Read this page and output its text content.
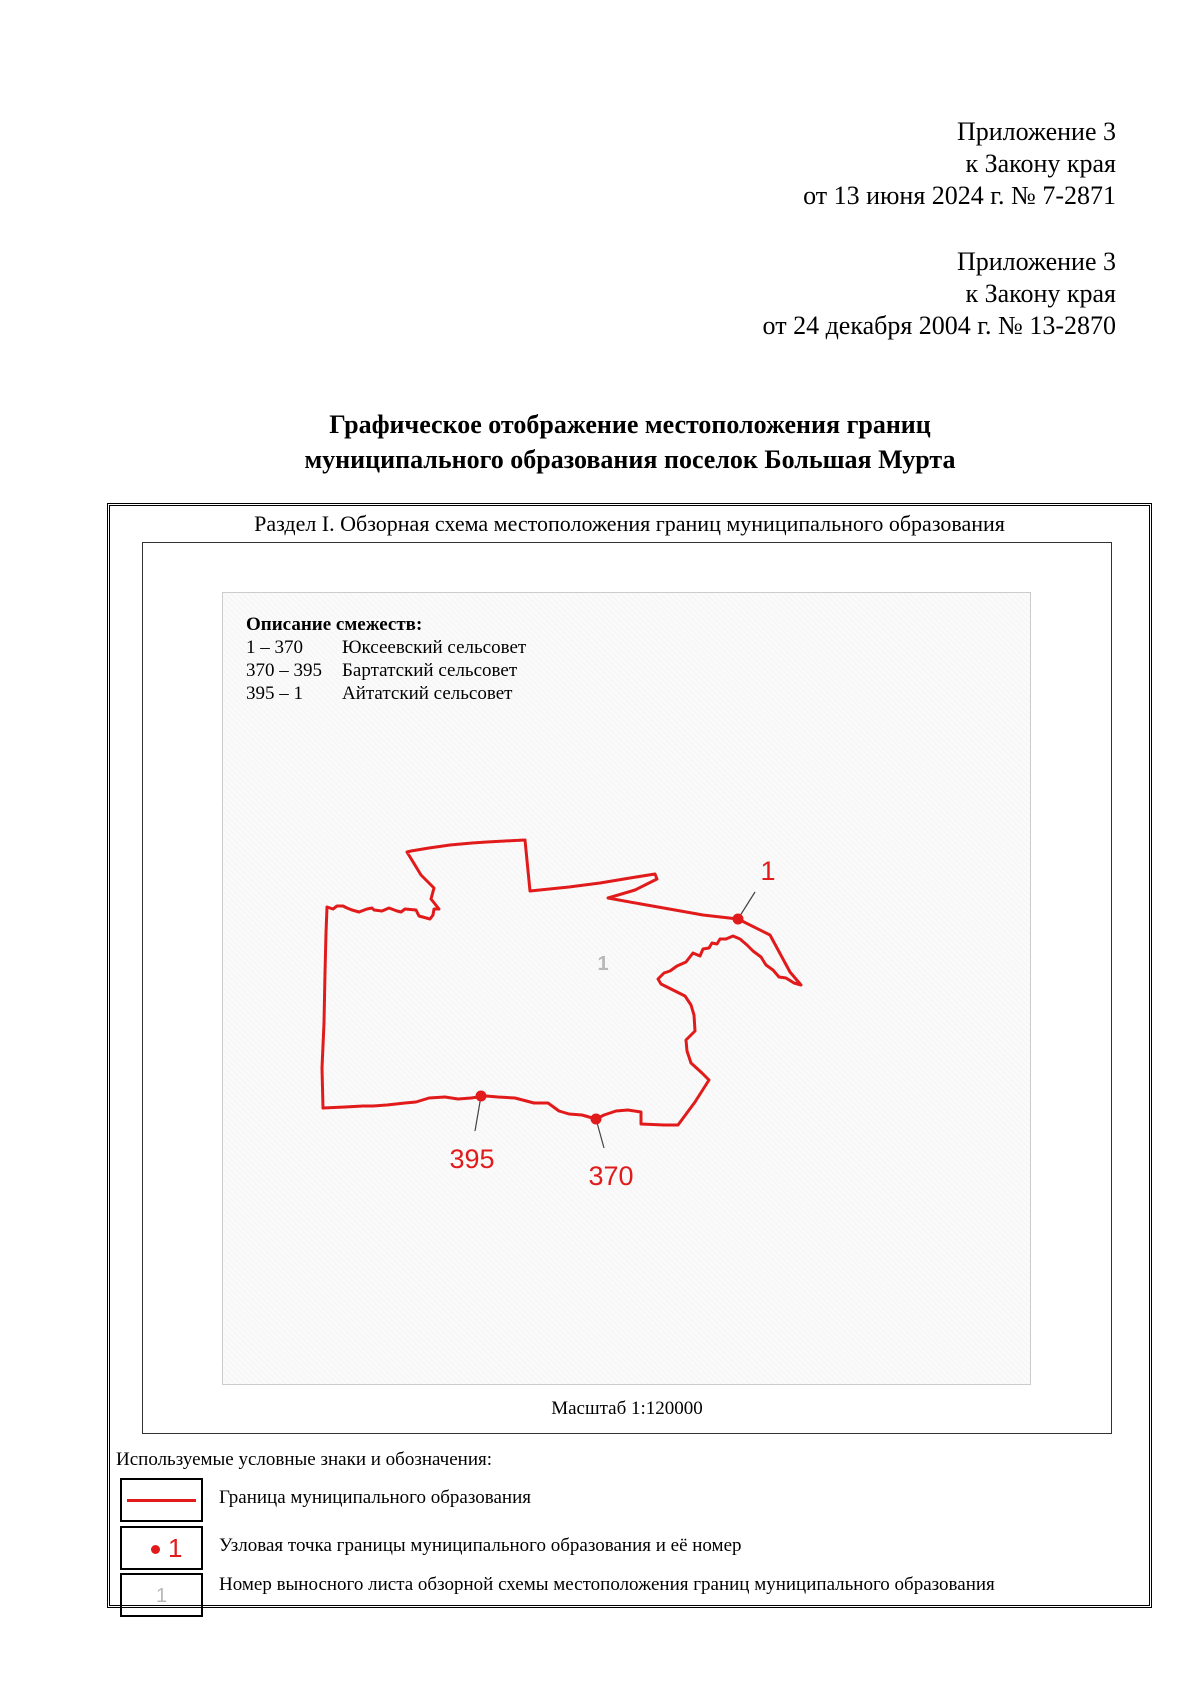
Приложение 3
к Закону края
от 13 июня 2024 г. № 7-2871
Приложение 3
к Закону края
от 24 декабря 2004 г. № 13-2870
Графическое отображение местоположения границ
муниципального образования поселок Большая Мурта
Раздел I. Обзорная схема местоположения границ муниципального образования
Описание смежеств:
1 – 370	Юксеевский сельсовет
370 – 395	Бартатский сельсовет
395 – 1	Айтатский сельсовет
1
1
370
395
Масштаб 1:120000
Используемые условные знаки и обозначения:
Граница муниципального образования
1 Узловая точка границы муниципального образования и её номер
1
Номер выносного листа обзорной схемы местоположения границ муниципального образования
